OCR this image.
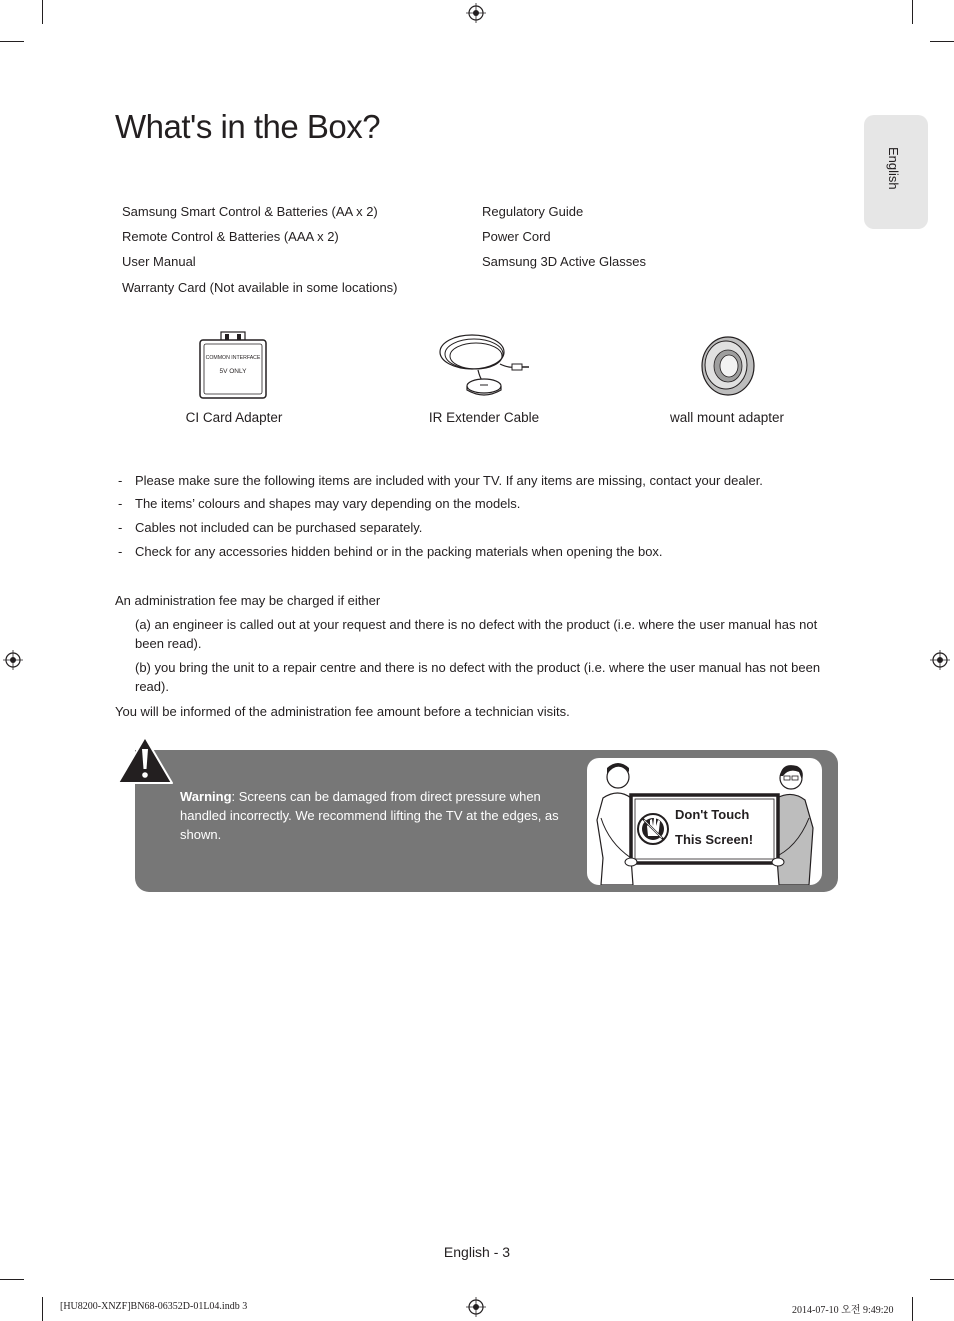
English
What's in the Box?
Samsung Smart Control & Batteries (AA x 2)
Remote Control & Batteries (AAA x 2)
User Manual
Warranty Card (Not available in some locations)
Regulatory Guide
Power Cord
Samsung 3D Active Glasses
COMMON INTERFACE
5V ONLY
CI Card Adapter	IR Extender Cable	wall mount adapter
- Please make sure the following items are included with your TV. If any items are missing, contact your dealer.
- The items’ colours and shapes may vary depending on the models.
- Cables not included can be purchased separately.
- Check for any accessories hidden behind or in the packing materials when opening the box.
An administration fee may be charged if either
(a) an engineer is called out at your request and there is no defect with the product (i.e. where the user manual has not been read).
(b) you bring the unit to a repair centre and there is no defect with the product (i.e. where the user manual has not been read).
You will be informed of the administration fee amount before a technician visits.
Warning: Screens can be damaged from direct pressure when handled incorrectly. We recommend lifting the TV at the edges, as shown.
Don't Touch
This Screen!
English - 3
[HU8200-XNZF]BN68-06352D-01L04.indb 3	2014-07-10 오전 9:49:20
